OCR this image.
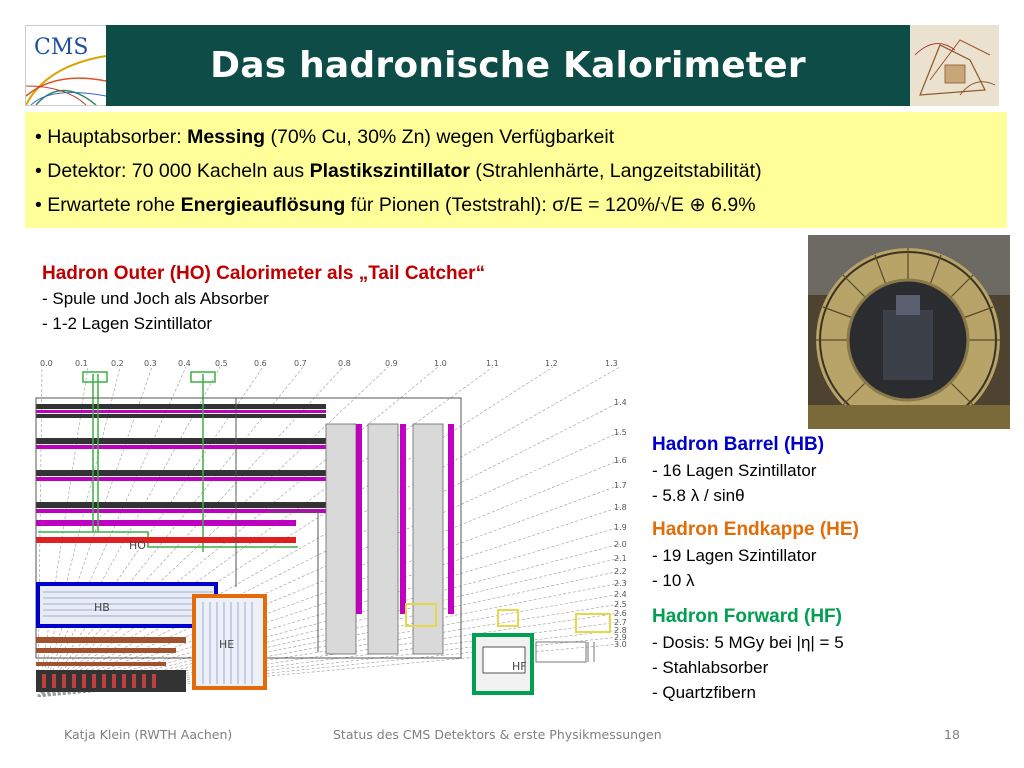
CMS	Das hadronische Kalorimeter
• Hauptabsorber: Messing (70% Cu, 30% Zn) wegen Verfügbarkeit
• Detektor: 70 000 Kacheln aus Plastikszintillator (Strahlenhärte, Langzeitstabilität)
• Erwartete rohe Energieauflösung für Pionen (Teststrahl): σ/E = 120%/√E ⊕ 6.9%
Hadron Outer (HO) Calorimeter als „Tail Catcher“
- Spule und Joch als Absorber
- 1-2 Lagen Szintillator
0.0	0.1	0.2	0.3	0.4	0.5	0.6	0.7	0.8	0.9	1.0	1.1	1.2	1.3
1.4
1.5
1.6
1.7
1.8
1.9
2.0
2.1
2.2
2.3
2.4
2.5
2.6
2.7
2.8
2.9
3.0
HO
HB
HE
HF
Hadron Barrel (HB)
- 16 Lagen Szintillator
- 5.8 λ / sinθ
Hadron Endkappe (HE)
- 19 Lagen Szintillator
- 10 λ
Hadron Forward (HF)
- Dosis: 5 MGy bei |η| = 5
- Stahlabsorber
- Quartzfibern
Katja Klein (RWTH Aachen)	Status des CMS Detektors & erste Physikmessungen	18
